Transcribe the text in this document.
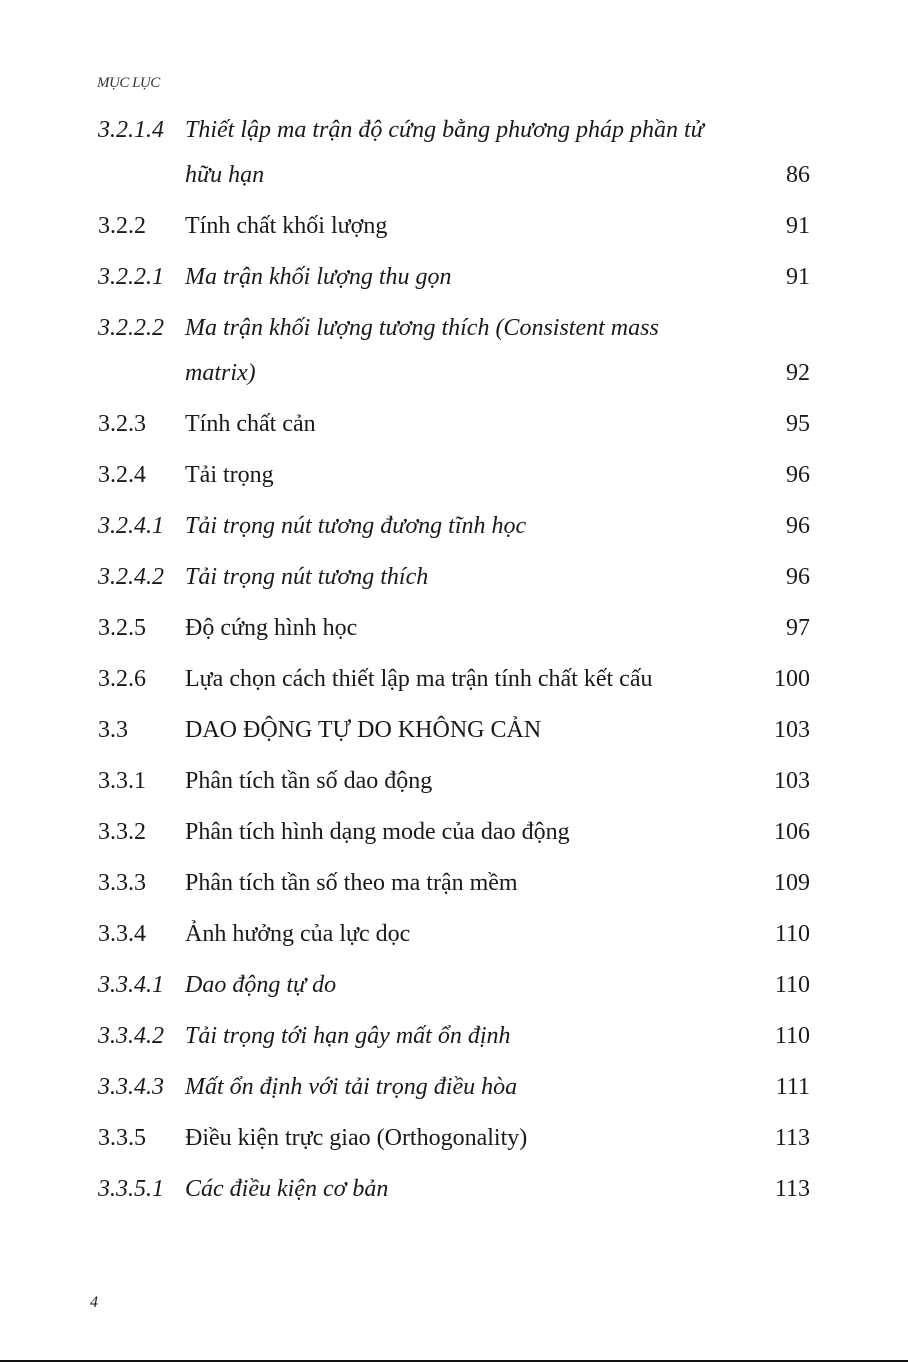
MỤC LỤC
3.2.1.4 Thiết lập ma trận độ cứng bằng phương pháp phần tử hữu hạn	86
3.2.2	Tính chất khối lượng	91
3.2.2.1 Ma trận khối lượng thu gọn	91
3.2.2.2 Ma trận khối lượng tương thích (Consistent mass matrix)	92
3.2.3	Tính chất cản	95
3.2.4	Tải trọng	96
3.2.4.1 Tải trọng nút tương đương tĩnh học	96
3.2.4.2 Tải trọng nút tương thích	96
3.2.5	Độ cứng hình học	97
3.2.6	Lựa chọn cách thiết lập ma trận tính chất kết cấu	100
3.3	DAO ĐỘNG TỰ DO KHÔNG CẢN	103
3.3.1	Phân tích tần số dao động	103
3.3.2	Phân tích hình dạng mode của dao động	106
3.3.3	Phân tích tần số theo ma trận mềm	109
3.3.4	Ảnh hưởng của lực dọc	110
3.3.4.1 Dao động tự do	110
3.3.4.2 Tải trọng tới hạn gây mất ổn định	110
3.3.4.3 Mất ổn định với tải trọng điều hòa	111
3.3.5	Điều kiện trực giao (Orthogonality)	113
3.3.5.1 Các điều kiện cơ bản	113
4
